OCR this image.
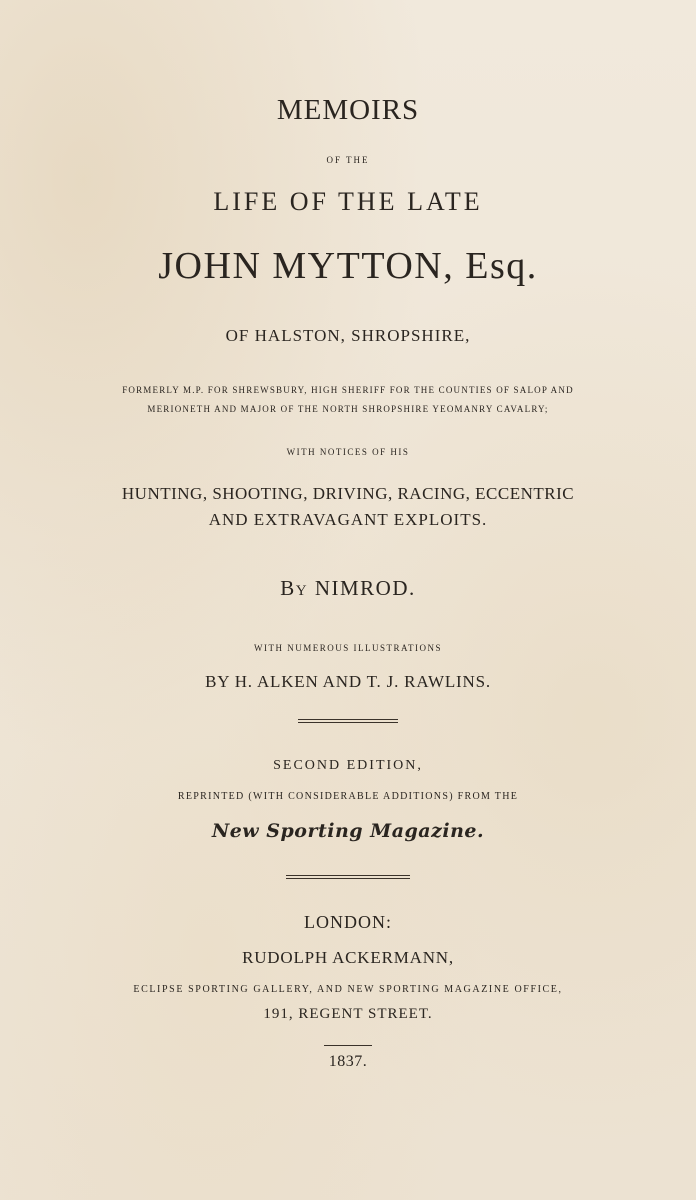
MEMOIRS
OF THE
LIFE OF THE LATE
JOHN MYTTON, Esq.
OF HALSTON, SHROPSHIRE,
FORMERLY M.P. FOR SHREWSBURY, HIGH SHERIFF FOR THE COUNTIES OF SALOP AND
MERIONETH AND MAJOR OF THE NORTH SHROPSHIRE YEOMANRY CAVALRY;
WITH NOTICES OF HIS
HUNTING, SHOOTING, DRIVING, RACING, ECCENTRIC
AND EXTRAVAGANT EXPLOITS.
By NIMROD.
WITH NUMEROUS ILLUSTRATIONS
BY H. ALKEN AND T. J. RAWLINS.
SECOND EDITION,
REPRINTED (WITH CONSIDERABLE ADDITIONS) FROM THE
New Sporting Magazine.
LONDON:
RUDOLPH ACKERMANN,
ECLIPSE SPORTING GALLERY, AND NEW SPORTING MAGAZINE OFFICE,
191, REGENT STREET.
1837.
